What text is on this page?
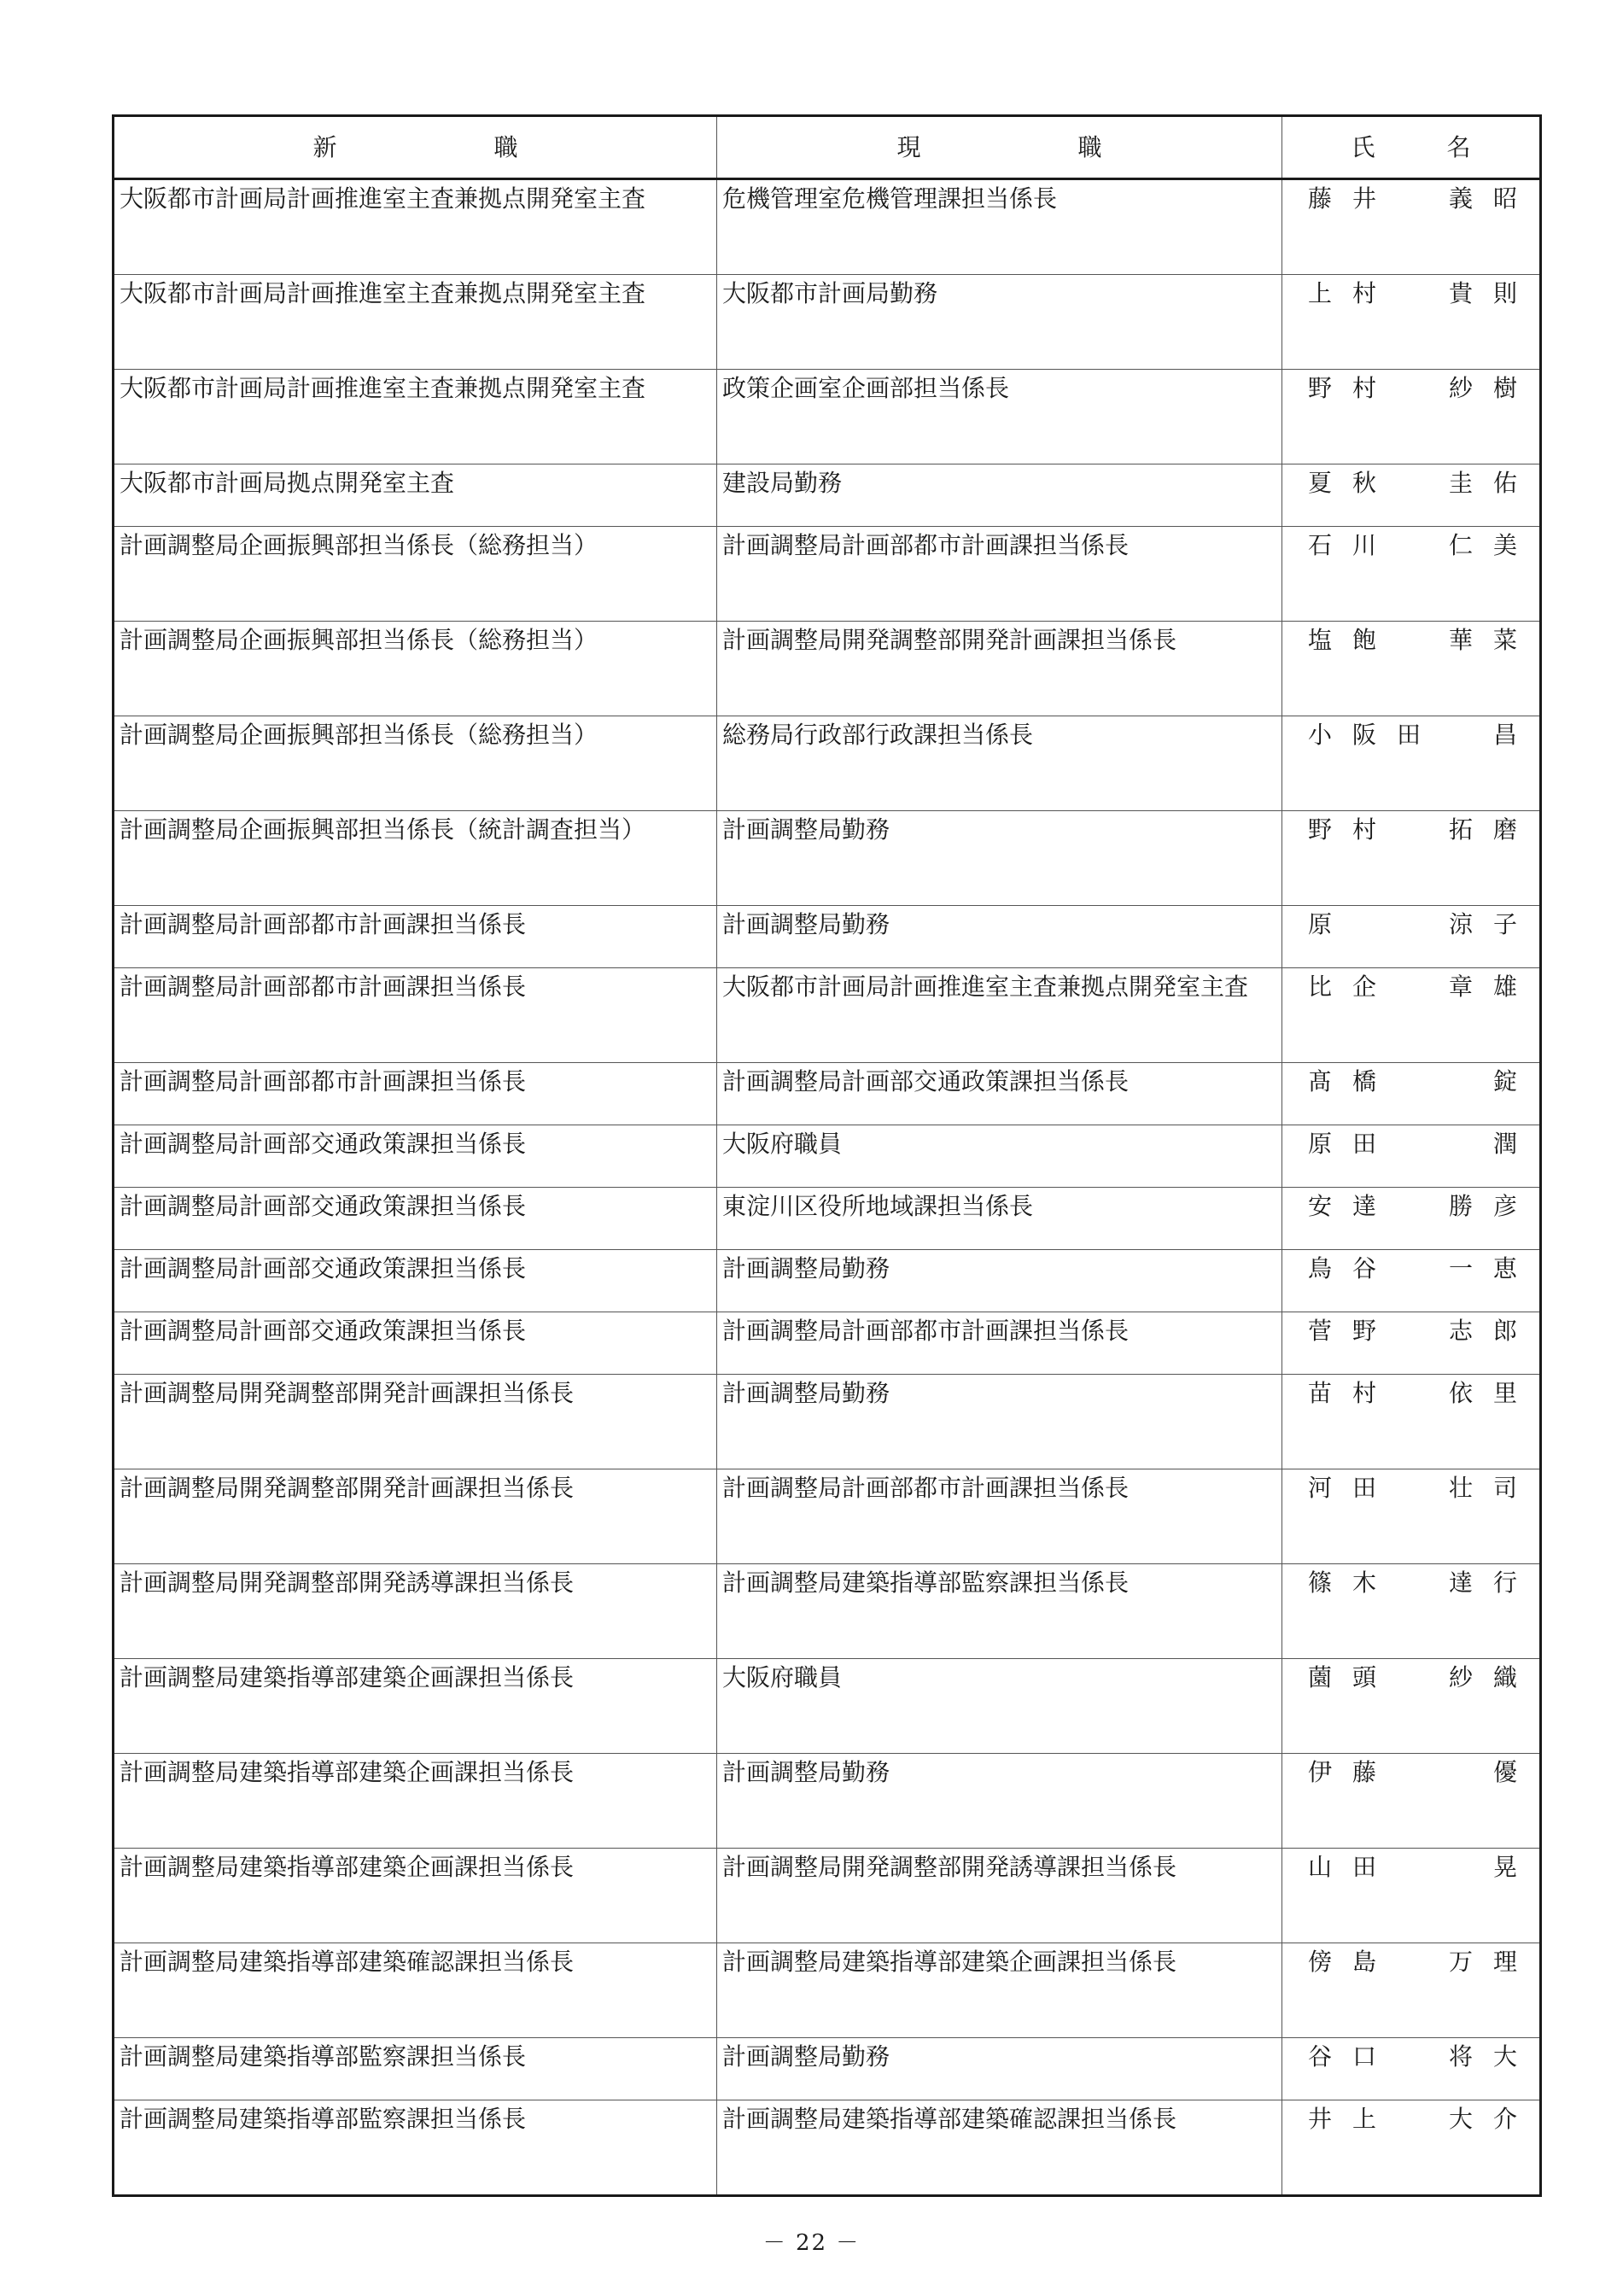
新 職	現 職	氏 名

大阪都市計画局計画推進室主査兼拠点開発室主査	危機管理室危機管理課担当係長	藤井 義昭

大阪都市計画局計画推進室主査兼拠点開発室主査	大阪都市計画局勤務	上村 貴則

大阪都市計画局計画推進室主査兼拠点開発室主査	政策企画室企画部担当係長	野村 紗樹

大阪都市計画局拠点開発室主査	建設局勤務	夏秋 圭佑

計画調整局企画振興部担当係長（総務担当）	計画調整局計画部都市計画課担当係長	石川 仁美

計画調整局企画振興部担当係長（総務担当）	計画調整局開発調整部開発計画課担当係長	塩飽 華菜

計画調整局企画振興部担当係長（総務担当）	総務局行政部行政課担当係長	小阪田 昌

計画調整局企画振興部担当係長（統計調査担当）	計画調整局勤務	野村 拓磨

計画調整局計画部都市計画課担当係長	計画調整局勤務	原 涼子

計画調整局計画部都市計画課担当係長	大阪都市計画局計画推進室主査兼拠点開発室主査	比企 章雄

計画調整局計画部都市計画課担当係長	計画調整局計画部交通政策課担当係長	髙橋 錠

計画調整局計画部交通政策課担当係長	大阪府職員	原田 潤

計画調整局計画部交通政策課担当係長	東淀川区役所地域課担当係長	安達 勝彦

計画調整局計画部交通政策課担当係長	計画調整局勤務	鳥谷 一恵

計画調整局計画部交通政策課担当係長	計画調整局計画部都市計画課担当係長	菅野 志郎

計画調整局開発調整部開発計画課担当係長	計画調整局勤務	苗村 依里

計画調整局開発調整部開発計画課担当係長	計画調整局計画部都市計画課担当係長	河田 壮司

計画調整局開発調整部開発誘導課担当係長	計画調整局建築指導部監察課担当係長	篠木 達行

計画調整局建築指導部建築企画課担当係長	大阪府職員	薗頭 紗織

計画調整局建築指導部建築企画課担当係長	計画調整局勤務	伊藤 優

計画調整局建築指導部建築企画課担当係長	計画調整局開発調整部開発誘導課担当係長	山田 晃

計画調整局建築指導部建築確認課担当係長	計画調整局建築指導部建築企画課担当係長	傍島 万理

計画調整局建築指導部監察課担当係長	計画調整局勤務	谷口 将大

計画調整局建築指導部監察課担当係長	計画調整局建築指導部建築確認課担当係長	井上 大介
－ 22 －
